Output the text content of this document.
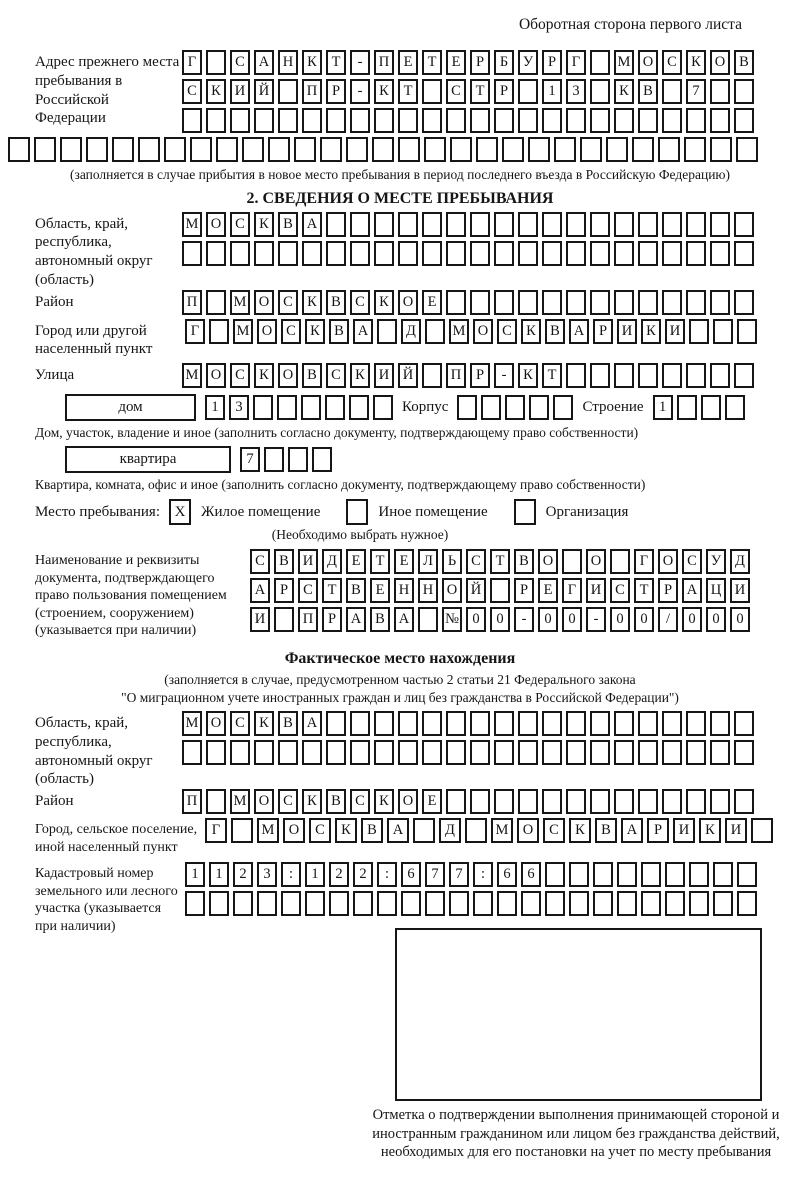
Оборотная сторона первого листа
Адрес прежнего места пребывания в Российской Федерации
Г	С А Н К	Т	-	П Е	Т	Е	Р	Б	У	Р	Г	М О С К О В
С К И Й	П	Р	-	К	Т	С	Т	Р	1	3	К В	7
(заполняется в случае прибытия в новое место пребывания в период последнего въезда в Российскую Федерацию)
2. СВЕДЕНИЯ О МЕСТЕ ПРЕБЫВАНИЯ
Область, край, республика, автономный округ (область)
М О С К В А
Район	П	М О С К В С К О Е
Город или другой населенный пункт
Г	М О С К В А	Д	М О С К В А	Р	И К И
Улица	М О С К О В С К И Й	П	Р	-	К	Т
дом	1	3	Корпус	Строение	1
Дом, участок, владение и иное (заполнить согласно документу, подтверждающему право собственности)
квартира	7
Квартира, комната, офис и иное (заполнить согласно документу, подтверждающему право собственности)
Место пребывания: X	Жилое помещение	Иное помещение	Организация
(Необходимо выбрать нужное)
Наименование и реквизиты документа, подтверждающего право пользования помещением (строением, сооружением) (указывается при наличии)
С В И Д	Е	Т	Е	Л	Ь	С	Т	В О	О	Г	О С У Д
А	Р	С	Т	В	Е Н Н О Й	Р	Е	Г	И С	Т	Р	А Ц И
И	П	Р	А В А	№ 0	0	-	0	0	-	0	0	/	0	0	0
Фактическое место нахождения
(заполняется в случае, предусмотренном частью 2 статьи 21 Федерального закона
"О миграционном учете иностранных граждан и лиц без гражданства в Российской Федерации")
Область, край, республика, автономный округ (область)
М О С К В А
Район	П	М О С К В С К О Е
Город, сельское поселение, иной населенный пункт
Г	М О	С	К	В	А	Д	М О	С	К	В	А	Р	И	К	И
Кадастровый номер земельного или лесного участка (указывается при наличии)
1	1	2	3	:	1	2	2	:	6	7	7	:	6	6
Отметка о подтверждении выполнения принимающей стороной и иностранным гражданином или лицом без гражданства действий, необходимых для его постановки на учет по месту пребывания
